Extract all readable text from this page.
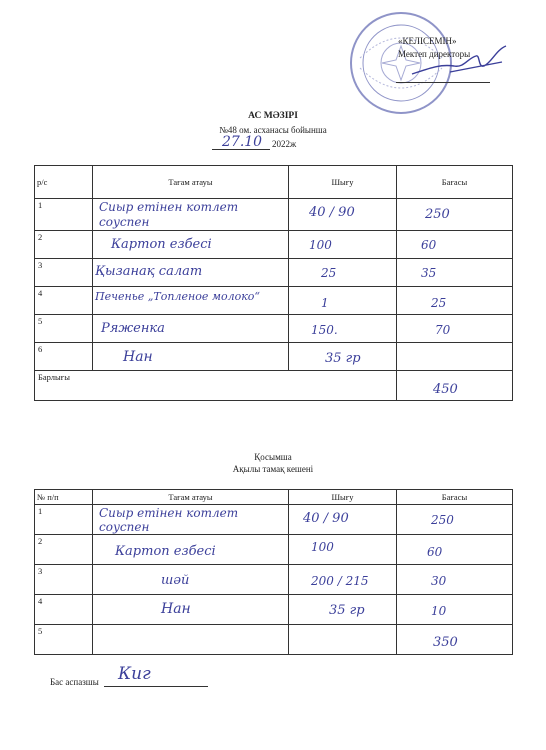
«КЕЛІСЕМІН»
Мектеп директоры
АС МӘЗІРІ
№48 ом. асханасы бойынша
27.10 2022ж
р/с	Тағам атауы	Шығу	Бағасы

1	Сиыр етінен котлет соуспен	40 / 90	250

2	Картоп езбесі	100	60

3	Қызанақ салат	25	35

4	Печенье „Топленое молоко“	1	25

5	Ряженка	150.	70

6	Нан	35 гр	

Барлығы			450
Қосымша
Ақылы тамақ кешені
№ п/п	Тағам атауы	Шығу	Бағасы

1	Сиыр етінен котлет соуспен	40 / 90	250

2	Картоп езбесі	100	60

3	шәй	200 / 215	30

4	Нан	35 гр	10

5			350
Бас аспазшы Киг
